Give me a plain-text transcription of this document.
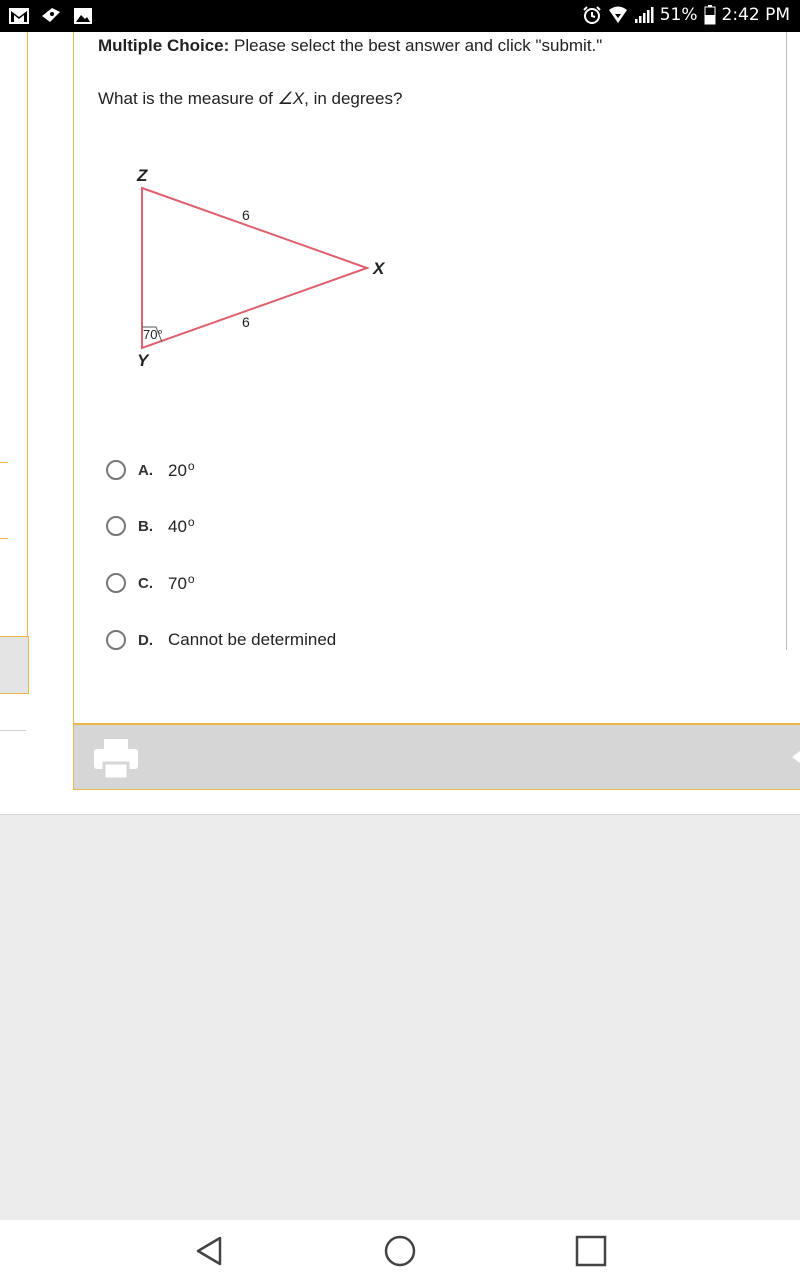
51% 2:42 PM
Multiple Choice: Please select the best answer and click "submit."
What is the measure of ∠X, in degrees?
Z
X
Y
6
6
70°
A. 20$^o$
B. 40$^o$
C. 70$^o$
D. Cannot be determined
